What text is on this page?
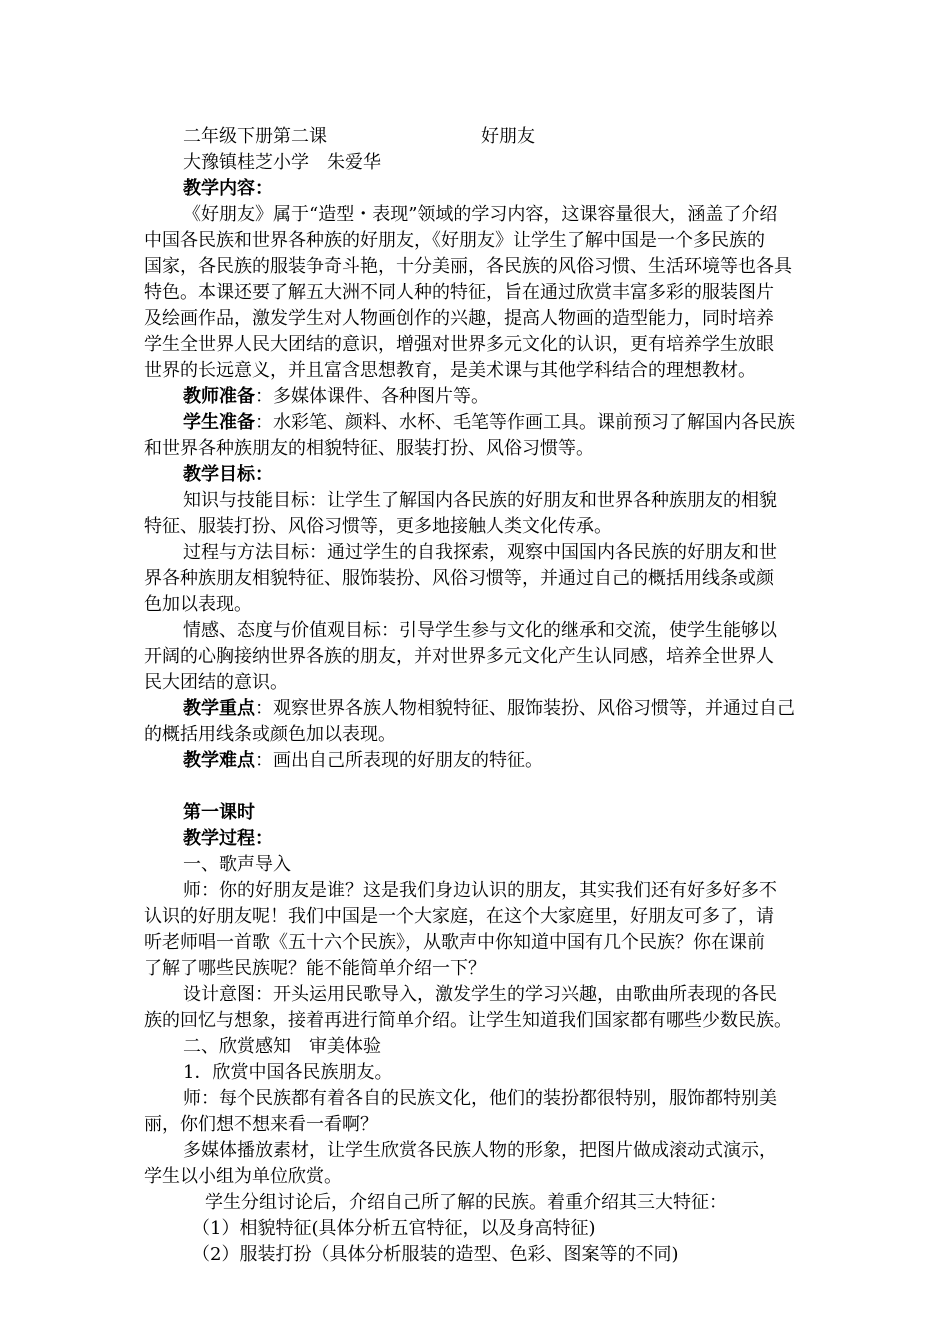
二年级下册第二课	好朋友
大豫镇桂芝小学　朱爱华
教学内容：
《好朋友》属于“造型・表现”领域的学习内容，这课容量很大，涵盖了介绍
中国各民族和世界各种族的好朋友，《好朋友》让学生了解中国是一个多民族的
国家，各民族的服装争奇斗艳，十分美丽，各民族的风俗习惯、生活环境等也各具
特色。本课还要了解五大洲不同人种的特征，旨在通过欣赏丰富多彩的服装图片
及绘画作品，激发学生对人物画创作的兴趣，提高人物画的造型能力，同时培养
学生全世界人民大团结的意识，增强对世界多元文化的认识，更有培养学生放眼
世界的长远意义，并且富含思想教育，是美术课与其他学科结合的理想教材。
教师准备：多媒体课件、各种图片等。
学生准备：水彩笔、颜料、水杯、毛笔等作画工具。课前预习了解国内各民族
和世界各种族朋友的相貌特征、服装打扮、风俗习惯等。
教学目标：
知识与技能目标：让学生了解国内各民族的好朋友和世界各种族朋友的相貌
特征、服装打扮、风俗习惯等，更多地接触人类文化传承。
过程与方法目标：通过学生的自我探索，观察中国国内各民族的好朋友和世
界各种族朋友相貌特征、服饰装扮、风俗习惯等，并通过自己的概括用线条或颜
色加以表现。
情感、态度与价值观目标：引导学生参与文化的继承和交流，使学生能够以
开阔的心胸接纳世界各族的朋友，并对世界多元文化产生认同感，培养全世界人
民大团结的意识。
教学重点：观察世界各族人物相貌特征、服饰装扮、风俗习惯等，并通过自己
的概括用线条或颜色加以表现。
教学难点：画出自己所表现的好朋友的特征。
第一课时
教学过程：
一、歌声导入
师：你的好朋友是谁？这是我们身边认识的朋友，其实我们还有好多好多不
认识的好朋友呢！我们中国是一个大家庭，在这个大家庭里，好朋友可多了，请
听老师唱一首歌《五十六个民族》，从歌声中你知道中国有几个民族？你在课前
了解了哪些民族呢？能不能简单介绍一下？
设计意图：开头运用民歌导入，激发学生的学习兴趣，由歌曲所表现的各民
族的回忆与想象，接着再进行简单介绍。让学生知道我们国家都有哪些少数民族。
二、欣赏感知　审美体验
1．欣赏中国各民族朋友。
师：每个民族都有着各自的民族文化，他们的装扮都很特别，服饰都特别美
丽，你们想不想来看一看啊？
多媒体播放素材，让学生欣赏各民族人物的形象，把图片做成滚动式演示，
学生以小组为单位欣赏。
学生分组讨论后，介绍自己所了解的民族。着重介绍其三大特征：
（1）相貌特征(具体分析五官特征，以及身高特征)
（2）服装打扮（具体分析服装的造型、色彩、图案等的不同)
